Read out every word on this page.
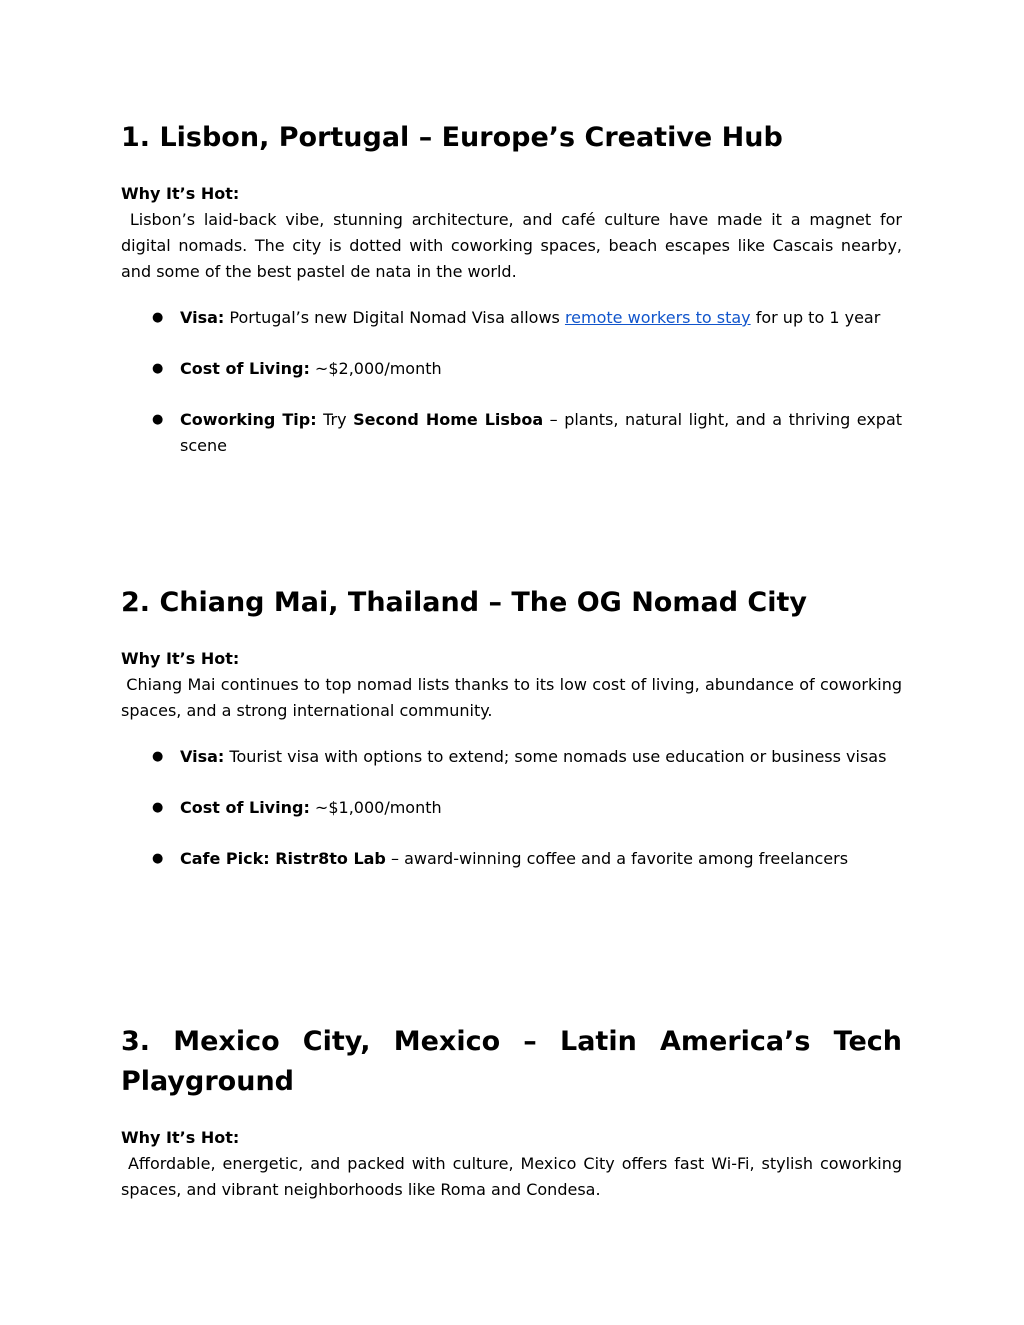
1. Lisbon, Portugal – Europe’s Creative Hub
Why It’s Hot:

Lisbon’s laid-back vibe, stunning architecture, and café culture have made it a magnet for digital nomads. The city is dotted with coworking spaces, beach escapes like Cascais nearby, and some of the best pastel de nata in the world.

● Visa: Portugal’s new Digital Nomad Visa allows remote workers to stay for up to 1 year
● Cost of Living: ~$2,000/month
● Coworking Tip: Try Second Home Lisboa – plants, natural light, and a thriving expat scene
2. Chiang Mai, Thailand – The OG Nomad City
Why It’s Hot:

Chiang Mai continues to top nomad lists thanks to its low cost of living, abundance of coworking spaces, and a strong international community.

● Visa: Tourist visa with options to extend; some nomads use education or business visas
● Cost of Living: ~$1,000/month
● Cafe Pick: Ristr8to Lab – award-winning coffee and a favorite among freelancers
3. Mexico City, Mexico – Latin America’s Tech Playground
Why It’s Hot:

Affordable, energetic, and packed with culture, Mexico City offers fast Wi-Fi, stylish coworking spaces, and vibrant neighborhoods like Roma and Condesa.
